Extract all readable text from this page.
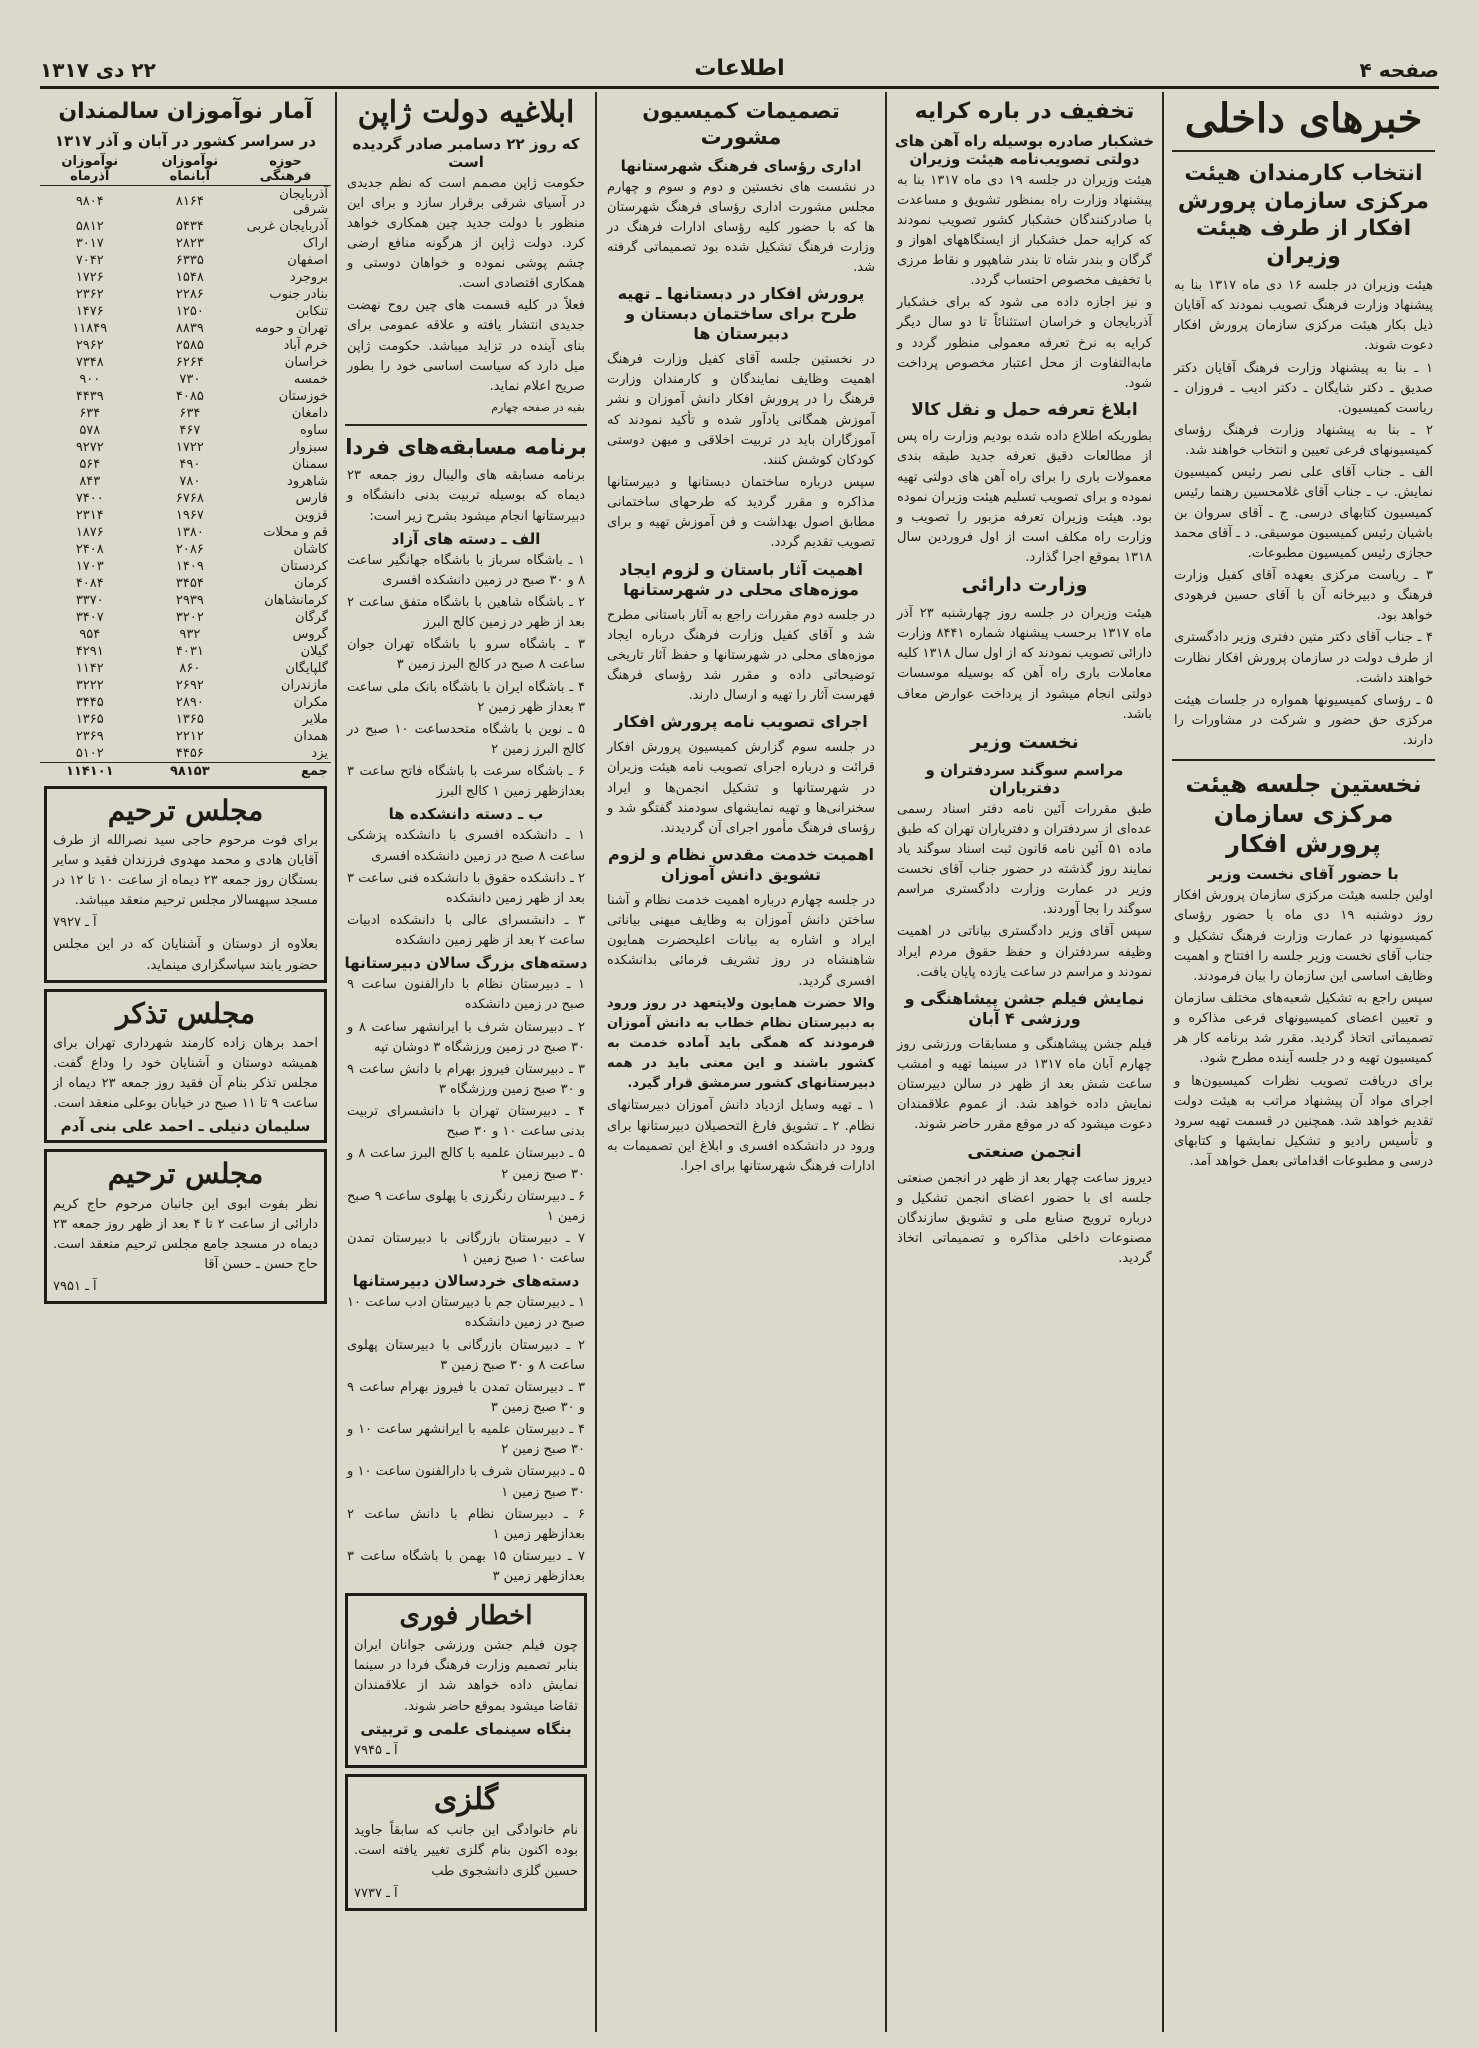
۲۲ دی ۱۳۱۷	اطلاعات	صفحه ۴
خبرهای داخلی
انتخاب کارمندان هیئت مرکزی سازمان پرورش افکار از طرف هیئت وزیران
هیئت وزیران در جلسه ۱۶ دی ماه ۱۳۱۷ بنا به پیشنهاد وزارت فرهنگ تصویب نمودند که آقایان ذیل بکار هیئت مرکزی سازمان پرورش افکار دعوت شوند.
۱ ـ بنا به پیشنهاد وزارت فرهنگ آقایان دکتر صدیق ـ دکتر شایگان ـ دکتر ادیب ـ فروزان ـ ریاست کمیسیون.
۲ ـ بنا به پیشنهاد وزارت فرهنگ رؤسای کمیسیونهای فرعی تعیین و انتخاب خواهند شد.
الف ـ جناب آقای علی نصر رئیس کمیسیون نمایش. ب ـ جناب آقای غلامحسین رهنما رئیس کمیسیون کتابهای درسی. ج ـ آقای سروان بن باشیان رئیس کمیسیون موسیقی. د ـ آقای محمد حجازی رئیس کمیسیون مطبوعات.
۳ ـ ریاست مرکزی بعهده آقای کفیل وزارت فرهنگ و دبیرخانه آن با آقای حسین فرهودی خواهد بود.
۴ ـ جناب آقای دکتر متین دفتری وزیر دادگستری از طرف دولت در سازمان پرورش افکار نظارت خواهند داشت.
۵ ـ رؤسای کمیسیونها همواره در جلسات هیئت مرکزی حق حضور و شرکت در مشاورات را دارند.
نخستین جلسه هیئت مرکزی سازمان پرورش افکار
با حضور آقای نخست وزیر
اولین جلسه هیئت مرکزی سازمان پرورش افکار روز دوشنبه ۱۹ دی ماه با حضور رؤسای کمیسیونها در عمارت وزارت فرهنگ تشکیل و جناب آقای نخست وزیر جلسه را افتتاح و اهمیت وظایف اساسی این سازمان را بیان فرمودند.
سپس راجع به تشکیل شعبه‌های مختلف سازمان و تعیین اعضای کمیسیونهای فرعی مذاکره و تصمیماتی اتخاذ گردید. مقرر شد برنامه کار هر کمیسیون تهیه و در جلسه آینده مطرح شود.
برای دریافت تصویب نظرات کمیسیون‌ها و اجرای مواد آن پیشنهاد مراتب به هیئت دولت تقدیم خواهد شد. همچنین در قسمت تهیه سرود و تأسیس رادیو و تشکیل نمایشها و کتابهای درسی و مطبوعات اقداماتی بعمل خواهد آمد.
تخفیف در باره کرایه
خشکبار صادره بوسیله راه آهن های دولتی تصویب‌نامه هیئت وزیران
هیئت وزیران در جلسه ۱۹ دی ماه ۱۳۱۷ بنا به پیشنهاد وزارت راه بمنظور تشویق و مساعدت با صادرکنندگان خشکبار کشور تصویب نمودند که کرایه حمل خشکبار از ایستگاههای اهواز و گرگان و بندر شاه تا بندر شاهپور و نقاط مرزی با تخفیف مخصوص احتساب گردد.
و نیز اجازه داده می شود که برای خشکبار آذربایجان و خراسان استثنائاً تا دو سال دیگر کرایه به نرخ تعرفه معمولی منظور گردد و مابه‌التفاوت از محل اعتبار مخصوص پرداخت شود.
ابلاغ تعرفه حمل و نقل کالا
بطوریکه اطلاع داده شده بودیم وزارت راه پس از مطالعات دقیق تعرفه جدید طبقه بندی معمولات باری را برای راه آهن های دولتی تهیه نموده و برای تصویب تسلیم هیئت وزیران نموده بود. هیئت وزیران تعرفه مزبور را تصویب و وزارت راه مکلف است از اول فروردین سال ۱۳۱۸ بموقع اجرا گذارد.
وزارت دارائی
هیئت وزیران در جلسه روز چهارشنبه ۲۳ آذر ماه ۱۳۱۷ برحسب پیشنهاد شماره ۸۴۴۱ وزارت دارائی تصویب نمودند که از اول سال ۱۳۱۸ کلیه معاملات باری راه آهن که بوسیله موسسات دولتی انجام میشود از پرداخت عوارض معاف باشد.
نخست وزیر
مراسم سوگند سردفتران و دفتریاران
طبق مقررات آئین نامه دفتر اسناد رسمی عده‌ای از سردفتران و دفتریاران تهران که طبق ماده ۵۱ آئین نامه قانون ثبت اسناد سوگند یاد نمایند روز گذشته در حضور جناب آقای نخست وزیر در عمارت وزارت دادگستری مراسم سوگند را بجا آوردند.
سپس آقای وزیر دادگستری بیاناتی در اهمیت وظیفه سردفتران و حفظ حقوق مردم ایراد نمودند و مراسم در ساعت یازده پایان یافت.
نمایش فیلم جشن پیشاهنگی و ورزشی ۴ آبان
فیلم جشن پیشاهنگی و مسابقات ورزشی روز چهارم آبان ماه ۱۳۱۷ در سینما تهیه و امشب ساعت شش بعد از ظهر در سالن دبیرستان نمایش داده خواهد شد. از عموم علاقمندان دعوت میشود که در موقع مقرر حاضر شوند.
انجمن صنعتی
دیروز ساعت چهار بعد از ظهر در انجمن صنعتی جلسه ای با حضور اعضای انجمن تشکیل و درباره ترویج صنایع ملی و تشویق سازندگان مصنوعات داخلی مذاکره و تصمیماتی اتخاذ گردید.
تصمیمات کمیسیون مشورت
اداری رؤسای فرهنگ شهرستانها
در نشست های نخستین و دوم و سوم و چهارم مجلس مشورت اداری رؤسای فرهنگ شهرستان ها که با حضور کلیه رؤسای ادارات فرهنگ در وزارت فرهنگ تشکیل شده بود تصمیماتی گرفته شد.
پرورش افکار در دبستانها ـ تهیه طرح برای ساختمان دبستان و دبیرستان ها
در نخستین جلسه آقای کفیل وزارت فرهنگ اهمیت وظایف نمایندگان و کارمندان وزارت فرهنگ را در پرورش افکار دانش آموزان و نشر آموزش همگانی یادآور شده و تأکید نمودند که آموزگاران باید در تربیت اخلاقی و میهن دوستی کودکان کوشش کنند.
سپس درباره ساختمان دبستانها و دبیرستانها مذاکره و مقرر گردید که طرحهای ساختمانی مطابق اصول بهداشت و فن آموزش تهیه و برای تصویب تقدیم گردد.
اهمیت آثار باستان و لزوم ایجاد موزه‌های محلی در شهرستانها
در جلسه دوم مقررات راجع به آثار باستانی مطرح شد و آقای کفیل وزارت فرهنگ درباره ایجاد موزه‌های محلی در شهرستانها و حفظ آثار تاریخی توضیحاتی داده و مقرر شد رؤسای فرهنگ فهرست آثار را تهیه و ارسال دارند.
اجرای تصویب نامه پرورش افکار
در جلسه سوم گزارش کمیسیون پرورش افکار قرائت و درباره اجرای تصویب نامه هیئت وزیران در شهرستانها و تشکیل انجمن‌ها و ایراد سخنرانی‌ها و تهیه نمایشهای سودمند گفتگو شد و رؤسای فرهنگ مأمور اجرای آن گردیدند.
اهمیت خدمت مقدس نظام و لزوم تشویق دانش آموزان
در جلسه چهارم درباره اهمیت خدمت نظام و آشنا ساختن دانش آموزان به وظایف میهنی بیاناتی ایراد و اشاره به بیانات اعلیحضرت همایون شاهنشاه در روز تشریف فرمائی بدانشکده افسری گردید.
والا حضرت همایون ولایتعهد در روز ورود به دبیرستان نظام خطاب به دانش آموزان فرمودند که همگی باید آماده خدمت به کشور باشند و این معنی باید در همه دبیرستانهای کشور سرمشق قرار گیرد.
۱ ـ تهیه وسایل ازدیاد دانش آموزان دبیرستانهای نظام. ۲ ـ تشویق فارغ التحصیلان دبیرستانها برای ورود در دانشکده افسری و ابلاغ این تصمیمات به ادارات فرهنگ شهرستانها برای اجرا.
ابلاغیه دولت ژاپن
که روز ۲۲ دسامبر صادر گردیده است
حکومت ژاپن مصمم است که نظم جدیدی در آسیای شرقی برقرار سازد و برای این منظور با دولت جدید چین همکاری خواهد کرد. دولت ژاپن از هرگونه منافع ارضی چشم پوشی نموده و خواهان دوستی و همکاری اقتصادی است.
فعلاً در کلیه قسمت های چین روح نهضت جدیدی انتشار یافته و علاقه عمومی برای بنای آینده در تزاید میباشد. حکومت ژاپن میل دارد که سیاست اساسی خود را بطور صریح اعلام نماید.
بقیه در صفحه چهارم
برنامه مسابقه‌های فردا
برنامه مسابقه های والیبال روز جمعه ۲۳ دیماه که بوسیله تربیت بدنی دانشگاه و دبیرستانها انجام میشود بشرح زیر است:
الف ـ دسته های آزاد
۱ ـ باشگاه سرباز با باشگاه جهانگیر ساعت ۸ و ۳۰ صبح در زمین دانشکده افسری
۲ ـ باشگاه شاهین با باشگاه متفق ساعت ۲ بعد از ظهر در زمین کالج البرز
۳ ـ باشگاه سرو با باشگاه تهران جوان ساعت ۸ صبح در کالج البرز زمین ۳
۴ ـ باشگاه ایران با باشگاه بانک ملی ساعت ۳ بعداز ظهر زمین ۲
۵ ـ نوین با باشگاه متحدساعت ۱۰ صبح در کالج البرز زمین ۲
۶ ـ باشگاه سرعت با باشگاه فاتح ساعت ۳ بعدازظهر زمین ۱ کالج البرز
ب ـ دسته دانشکده ها
۱ ـ دانشکده افسری با دانشکده پزشکی ساعت ۸ صبح در زمین دانشکده افسری
۲ ـ دانشکده حقوق با دانشکده فنی ساعت ۳ بعد از ظهر زمین دانشکده
۳ ـ دانشسرای عالی با دانشکده ادبیات ساعت ۲ بعد از ظهر زمین دانشکده
دسته‌های بزرگ سالان دبیرستانها
۱ ـ دبیرستان نظام با دارالفنون ساعت ۹ صبح در زمین دانشکده
۲ ـ دبیرستان شرف با ایرانشهر ساعت ۸ و ۳۰ صبح در زمین ورزشگاه ۳ دوشان تپه
۳ ـ دبیرستان فیروز بهرام با دانش ساعت ۹ و ۳۰ صبح زمین ورزشگاه ۳
۴ ـ دبیرستان تهران با دانشسرای تربیت بدنی ساعت ۱۰ و ۳۰ صبح
۵ ـ دبیرستان علمیه با کالج البرز ساعت ۸ و ۳۰ صبح زمین ۲
۶ ـ دبیرستان رنگرزی با پهلوی ساعت ۹ صبح زمین ۱
۷ ـ دبیرستان بازرگانی با دبیرستان تمدن ساعت ۱۰ صبح زمین ۱
دسته‌های خردسالان دبیرستانها
۱ ـ دبیرستان جم با دبیرستان ادب ساعت ۱۰ صبح در زمین دانشکده
۲ ـ دبیرستان بازرگانی با دبیرستان پهلوی ساعت ۸ و ۳۰ صبح زمین ۳
۳ ـ دبیرستان تمدن با فیروز بهرام ساعت ۹ و ۳۰ صبح زمین ۳
۴ ـ دبیرستان علمیه با ایرانشهر ساعت ۱۰ و ۳۰ صبح زمین ۲
۵ ـ دبیرستان شرف با دارالفنون ساعت ۱۰ و ۳۰ صبح زمین ۱
۶ ـ دبیرستان نظام با دانش ساعت ۲ بعدازظهر زمین ۱
۷ ـ دبیرستان ۱۵ بهمن با باشگاه ساعت ۳ بعدازظهر زمین ۳
اخطار فوری
چون فیلم جشن ورزشی جوانان ایران بنابر تصمیم وزارت فرهنگ فردا در سینما نمایش داده خواهد شد از علاقمندان تقاضا میشود بموقع حاضر شوند.
بنگاه سینمای علمی و تربیتی
آ ـ ۷۹۴۵
گلزی
نام خانوادگی این جانب که سابقاً جاوید بوده اکنون بنام گلزی تغییر یافته است. حسین گلزی دانشجوی طب
آ ـ ۷۷۳۷
آمار نوآموزان سالمندان
در سراسر کشور در آبان و آذر ۱۳۱۷
حوزه فرهنگی	نوآموزان آبانماه	نوآموزان آذرماه
آذربایجان شرقی	۸۱۶۴	۹۸۰۴
آذربایجان غربی	۵۴۳۴	۵۸۱۲
اراک	۲۸۲۳	۳۰۱۷
اصفهان	۶۳۳۵	۷۰۴۲
بروجرد	۱۵۴۸	۱۷۲۶
بنادر جنوب	۲۲۸۶	۲۳۶۲
تنکابن	۱۲۵۰	۱۴۷۶
تهران و حومه	۸۸۳۹	۱۱۸۴۹
خرم آباد	۲۵۸۵	۲۹۶۲
خراسان	۶۲۶۴	۷۳۴۸
خمسه	۷۳۰	۹۰۰
خوزستان	۴۰۸۵	۴۴۳۹
دامغان	۶۳۴	۶۳۴
ساوه	۴۶۷	۵۷۸
سبزوار	۱۷۲۲	۹۲۷۲
سمنان	۴۹۰	۵۶۴
شاهرود	۷۸۰	۸۴۳
فارس	۶۷۶۸	۷۴۰۰
قزوین	۱۹۶۷	۲۳۱۴
قم و محلات	۱۳۸۰	۱۸۷۶
کاشان	۲۰۸۶	۲۴۰۸
کردستان	۱۴۰۹	۱۷۰۳
کرمان	۳۴۵۴	۴۰۸۴
کرمانشاهان	۲۹۳۹	۳۳۷۰
گرگان	۳۲۰۲	۳۴۰۷
گروس	۹۳۲	۹۵۴
گیلان	۴۰۳۱	۴۲۹۱
گلپایگان	۸۶۰	۱۱۴۲
مازندران	۲۶۹۲	۳۲۲۲
مکران	۲۸۹۰	۳۴۴۵
ملایر	۱۳۶۵	۱۳۶۵
همدان	۲۲۱۲	۲۳۶۹
یزد	۴۴۵۶	۵۱۰۲
جمع	۹۸۱۵۳	۱۱۴۱۰۱
مجلس ترحیم
برای فوت مرحوم حاجی سید نصرالله از طرف آقایان هادی و محمد مهدوی فرزندان فقید و سایر بستگان روز جمعه ۲۳ دیماه از ساعت ۱۰ تا ۱۲ در مسجد سپهسالار مجلس ترحیم منعقد میباشد.
آ ـ ۷۹۲۷
بعلاوه از دوستان و آشنایان که در این مجلس حضور یابند سپاسگزاری مینماید.
مجلس تذکر
احمد برهان زاده کارمند شهرداری تهران برای همیشه دوستان و آشنایان خود را وداع گفت. مجلس تذکر بنام آن فقید روز جمعه ۲۳ دیماه از ساعت ۹ تا ۱۱ صبح در خیابان بوعلی منعقد است.
سلیمان دنیلی ـ احمد علی بنی آدم
مجلس ترحیم
نظر بفوت ابوی این جانبان مرحوم حاج کریم دارائی از ساعت ۲ تا ۴ بعد از ظهر روز جمعه ۲۳ دیماه در مسجد جامع مجلس ترحیم منعقد است. حاج حسن ـ حسن آقا
آ ـ ۷۹۵۱
